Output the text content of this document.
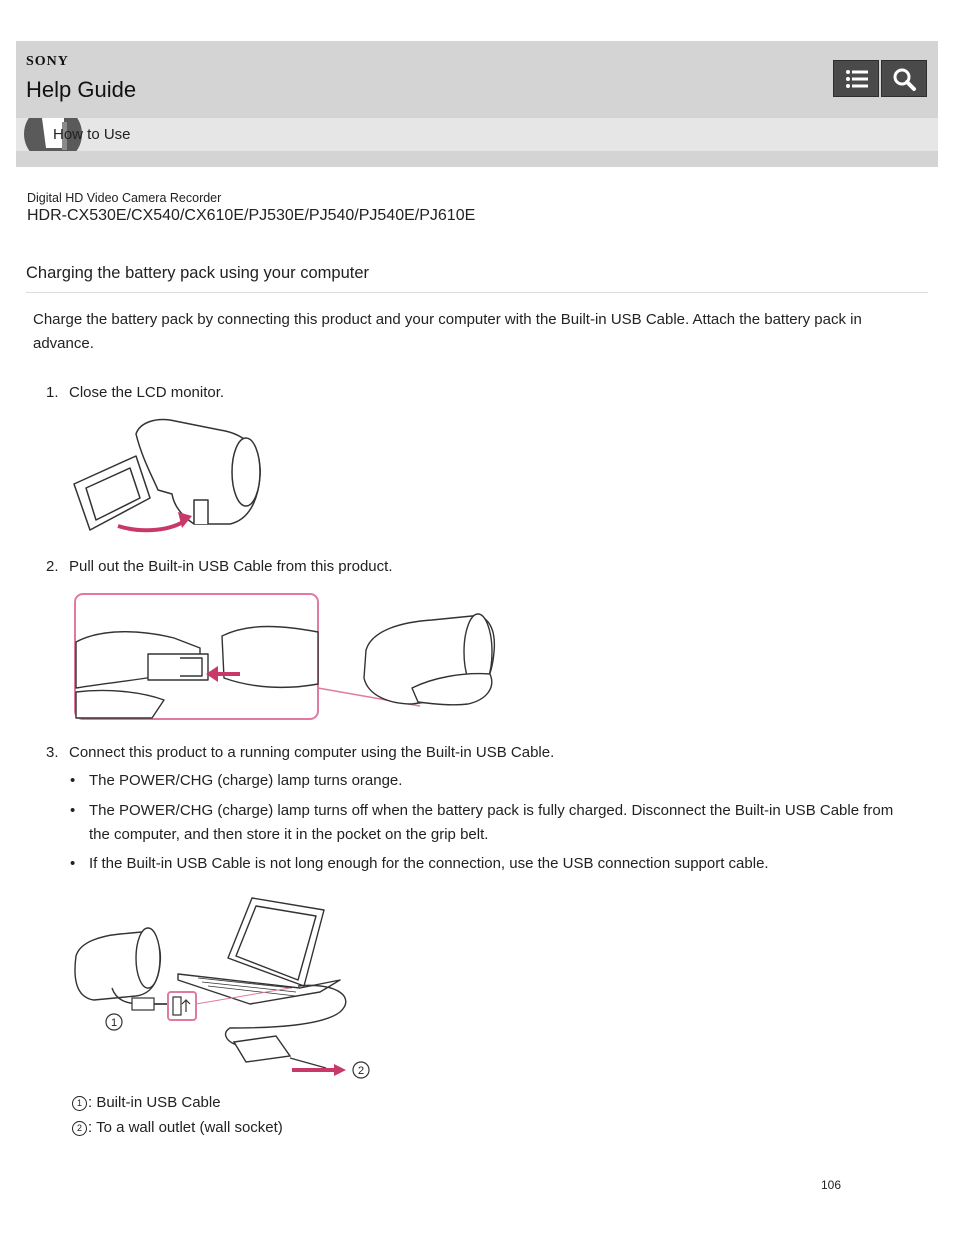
SONY
Help Guide
How to Use
Digital HD Video Camera Recorder
HDR-CX530E/CX540/CX610E/PJ530E/PJ540/PJ540E/PJ610E
Charging the battery pack using your computer

Charge the battery pack by connecting this product and your computer with the Built-in USB Cable. Attach the battery pack in advance.

1. Close the LCD monitor.
2. Pull out the Built-in USB Cable from this product.
3. Connect this product to a running computer using the Built-in USB Cable.
• The POWER/CHG (charge) lamp turns orange.
• The POWER/CHG (charge) lamp turns off when the battery pack is fully charged. Disconnect the Built-in USB Cable from the computer, and then store it in the pocket on the grip belt.
• If the Built-in USB Cable is not long enough for the connection, use the USB connection support cable.
1
2
1 : Built-in USB Cable
2 : To a wall outlet (wall socket)
106
